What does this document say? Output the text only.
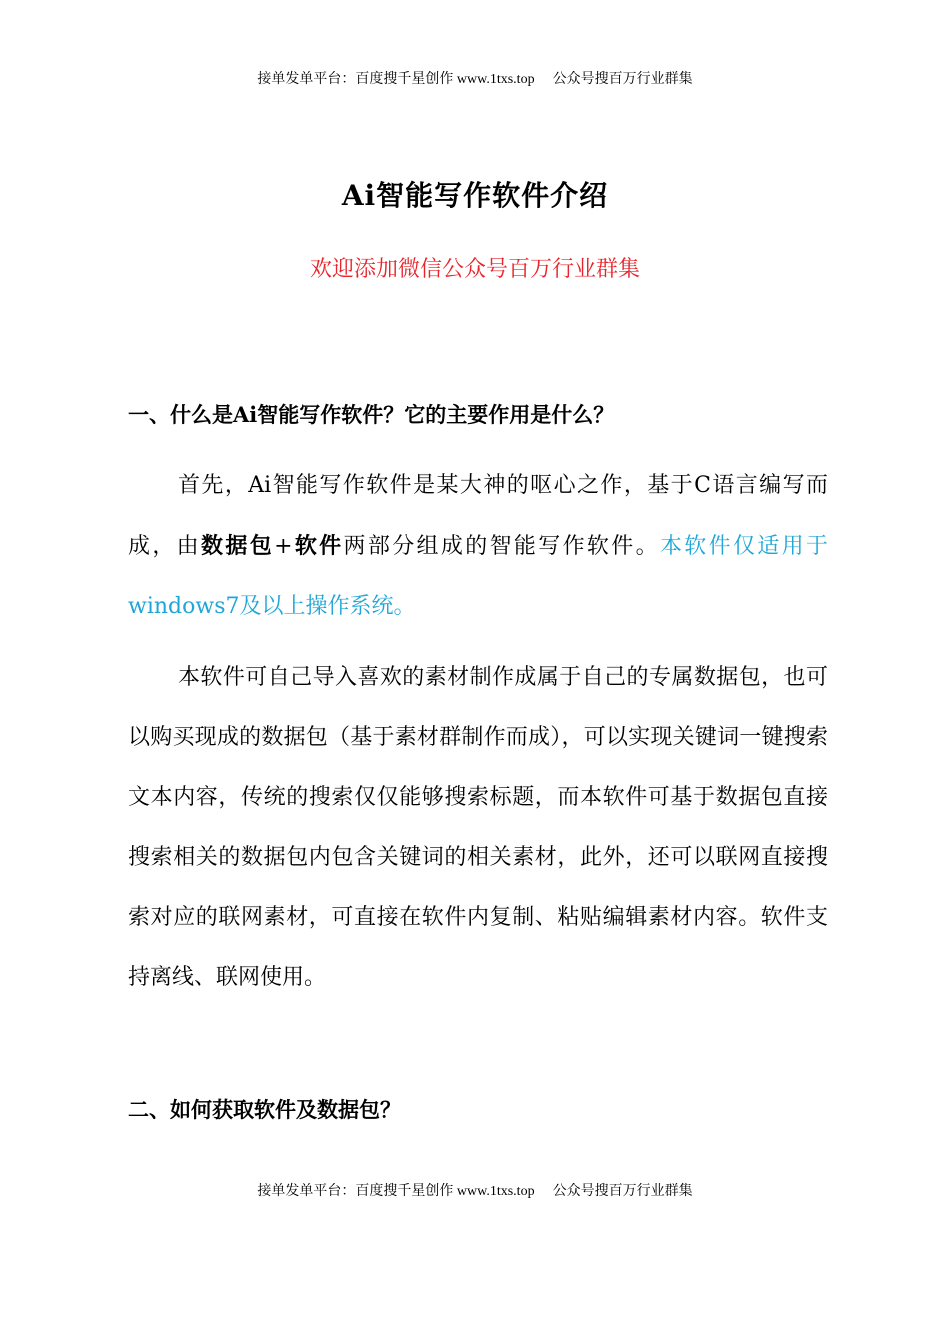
接单发单平台：百度搜千星创作 www.1txs.top 公众号搜百万行业群集
Ai智能写作软件介绍
欢迎添加微信公众号百万行业群集
一、什么是Ai智能写作软件？它的主要作用是什么？
首先，Ai智能写作软件是某大神的呕心之作，基于C语言编写而成，由数据包+软件两部分组成的智能写作软件。本软件仅适用于windows7及以上操作系统。
本软件可自己导入喜欢的素材制作成属于自己的专属数据包，也可以购买现成的数据包（基于素材群制作而成），可以实现关键词一键搜索文本内容，传统的搜索仅仅能够搜索标题，而本软件可基于数据包直接搜索相关的数据包内包含关键词的相关素材，此外，还可以联网直接搜索对应的联网素材，可直接在软件内复制、粘贴编辑素材内容。软件支持离线、联网使用。
二、如何获取软件及数据包？
接单发单平台：百度搜千星创作 www.1txs.top 公众号搜百万行业群集
